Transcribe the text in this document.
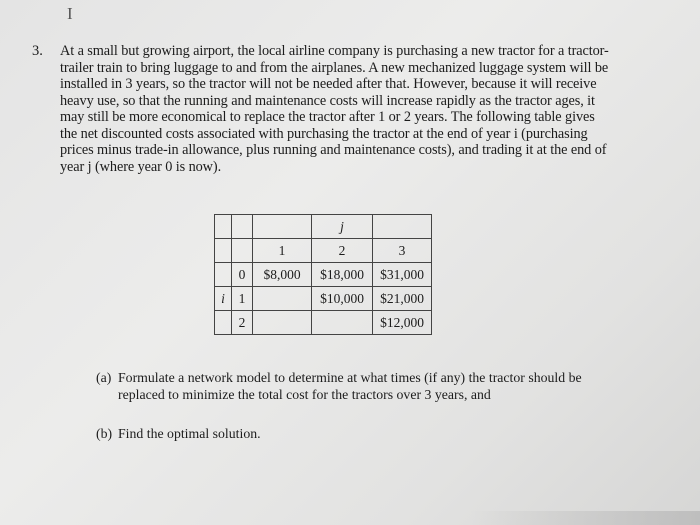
I
3. At a small but growing airport, the local airline company is purchasing a new tractor for a tractor-
trailer train to bring luggage to and from the airplanes. A new mechanized luggage system will be
installed in 3 years, so the tractor will not be needed after that. However, because it will receive
heavy use, so that the running and maintenance costs will increase rapidly as the tractor ages, it
may still be more economical to replace the tractor after 1 or 2 years. The following table gives
the net discounted costs associated with purchasing the tractor at the end of year i (purchasing
prices minus trade-in allowance, plus running and maintenance costs), and trading it at the end of
year j (where year 0 is now).
			j	
		1	2	3
	0	$8,000	$18,000	$31,000
i	1		$10,000	$21,000
	2			$12,000
(a) Formulate a network model to determine at what times (if any) the tractor should be
replaced to minimize the total cost for the tractors over 3 years, and
(b) Find the optimal solution.
